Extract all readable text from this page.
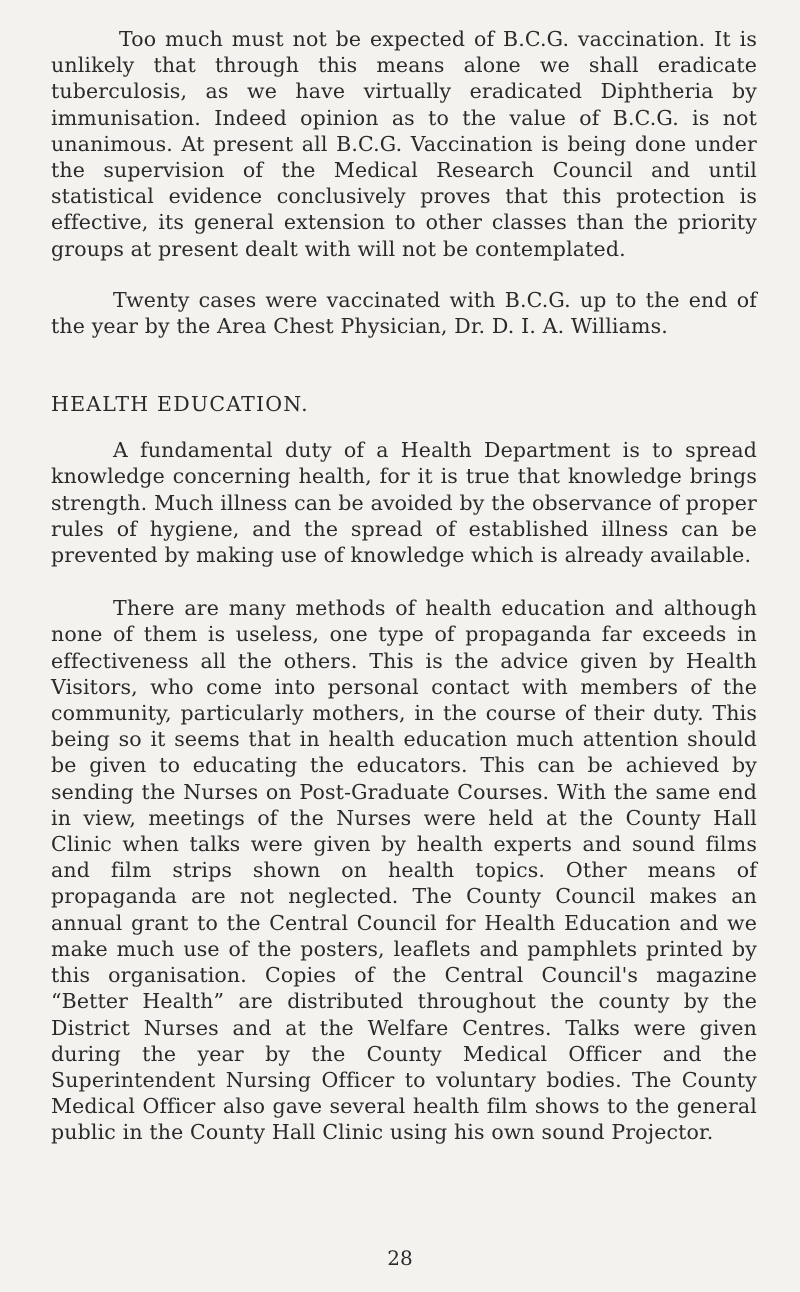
Too much must not be expected of B.C.G. vaccination. It is unlikely that through this means alone we shall eradicate tuberculosis, as we have virtually eradicated Diphtheria by immunisation. Indeed opinion as to the value of B.C.G. is not unanimous. At present all B.C.G. Vaccination is being done under the supervision of the Medical Research Council and until statistical evidence conclusively proves that this protection is effective, its general extension to other classes than the priority groups at present dealt with will not be contemplated.

Twenty cases were vaccinated with B.C.G. up to the end of the year by the Area Chest Physician, Dr. D. I. A. Williams.

HEALTH EDUCATION.

A fundamental duty of a Health Department is to spread knowledge concerning health, for it is true that knowledge brings strength. Much illness can be avoided by the observance of proper rules of hygiene, and the spread of established illness can be prevented by making use of knowledge which is already available.

There are many methods of health education and although none of them is useless, one type of propaganda far exceeds in effectiveness all the others. This is the advice given by Health Visitors, who come into personal contact with members of the community, particularly mothers, in the course of their duty. This being so it seems that in health education much attention should be given to educating the educators. This can be achieved by sending the Nurses on Post-Graduate Courses. With the same end in view, meetings of the Nurses were held at the County Hall Clinic when talks were given by health experts and sound films and film strips shown on health topics. Other means of propaganda are not neglected. The County Council makes an annual grant to the Central Council for Health Education and we make much use of the posters, leaflets and pamphlets printed by this organisation. Copies of the Central Council's magazine “Better Health” are distributed throughout the county by the District Nurses and at the Welfare Centres. Talks were given during the year by the County Medical Officer and the Superintendent Nursing Officer to voluntary bodies. The County Medical Officer also gave several health film shows to the general public in the County Hall Clinic using his own sound Projector.

28
